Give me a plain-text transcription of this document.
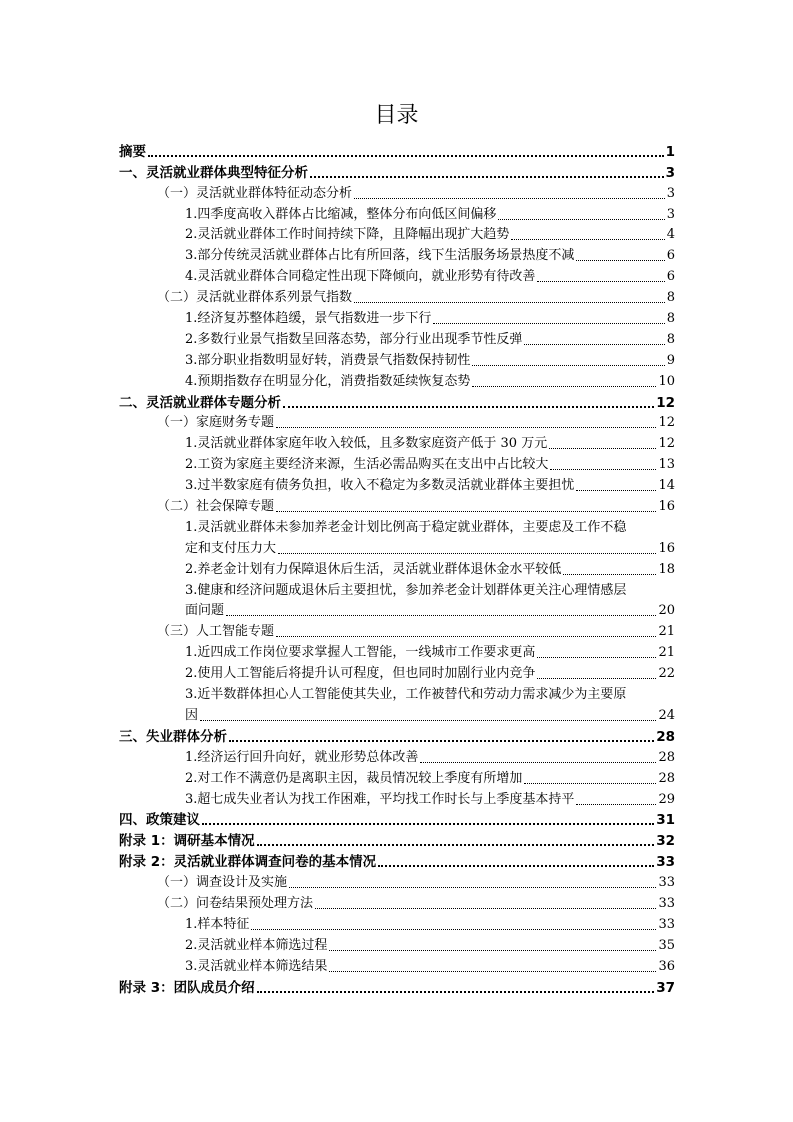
目录
摘要	1
一、灵活就业群体典型特征分析	3
（一）灵活就业群体特征动态分析	3
1.四季度高收入群体占比缩减，整体分布向低区间偏移	3
2.灵活就业群体工作时间持续下降，且降幅出现扩大趋势	4
3.部分传统灵活就业群体占比有所回落，线下生活服务场景热度不减	6
4.灵活就业群体合同稳定性出现下降倾向，就业形势有待改善	6
（二）灵活就业群体系列景气指数	8
1.经济复苏整体趋缓，景气指数进一步下行	8
2.多数行业景气指数呈回落态势，部分行业出现季节性反弹	8
3.部分职业指数明显好转，消费景气指数保持韧性	9
4.预期指数存在明显分化，消费指数延续恢复态势	10
二、灵活就业群体专题分析	12
（一）家庭财务专题	12
1.灵活就业群体家庭年收入较低，且多数家庭资产低于 30 万元	12
2.工资为家庭主要经济来源，生活必需品购买在支出中占比较大	13
3.过半数家庭有债务负担，收入不稳定为多数灵活就业群体主要担忧	14
（二）社会保障专题	16
1.灵活就业群体未参加养老金计划比例高于稳定就业群体，主要虑及工作不稳
定和支付压力大	16
2.养老金计划有力保障退休后生活，灵活就业群体退休金水平较低	18
3.健康和经济问题成退休后主要担忧，参加养老金计划群体更关注心理情感层
面问题	20
（三）人工智能专题	21
1.近四成工作岗位要求掌握人工智能，一线城市工作要求更高	21
2.使用人工智能后将提升认可程度，但也同时加剧行业内竞争	22
3.近半数群体担心人工智能使其失业，工作被替代和劳动力需求减少为主要原
因	24
三、失业群体分析	28
1.经济运行回升向好，就业形势总体改善	28
2.对工作不满意仍是离职主因，裁员情况较上季度有所增加	28
3.超七成失业者认为找工作困难，平均找工作时长与上季度基本持平	29
四、政策建议	31
附录 1：调研基本情况	32
附录 2：灵活就业群体调查问卷的基本情况	33
（一）调查设计及实施	33
（二）问卷结果预处理方法	33
1.样本特征	33
2.灵活就业样本筛选过程	35
3.灵活就业样本筛选结果	36
附录 3：团队成员介绍	37
